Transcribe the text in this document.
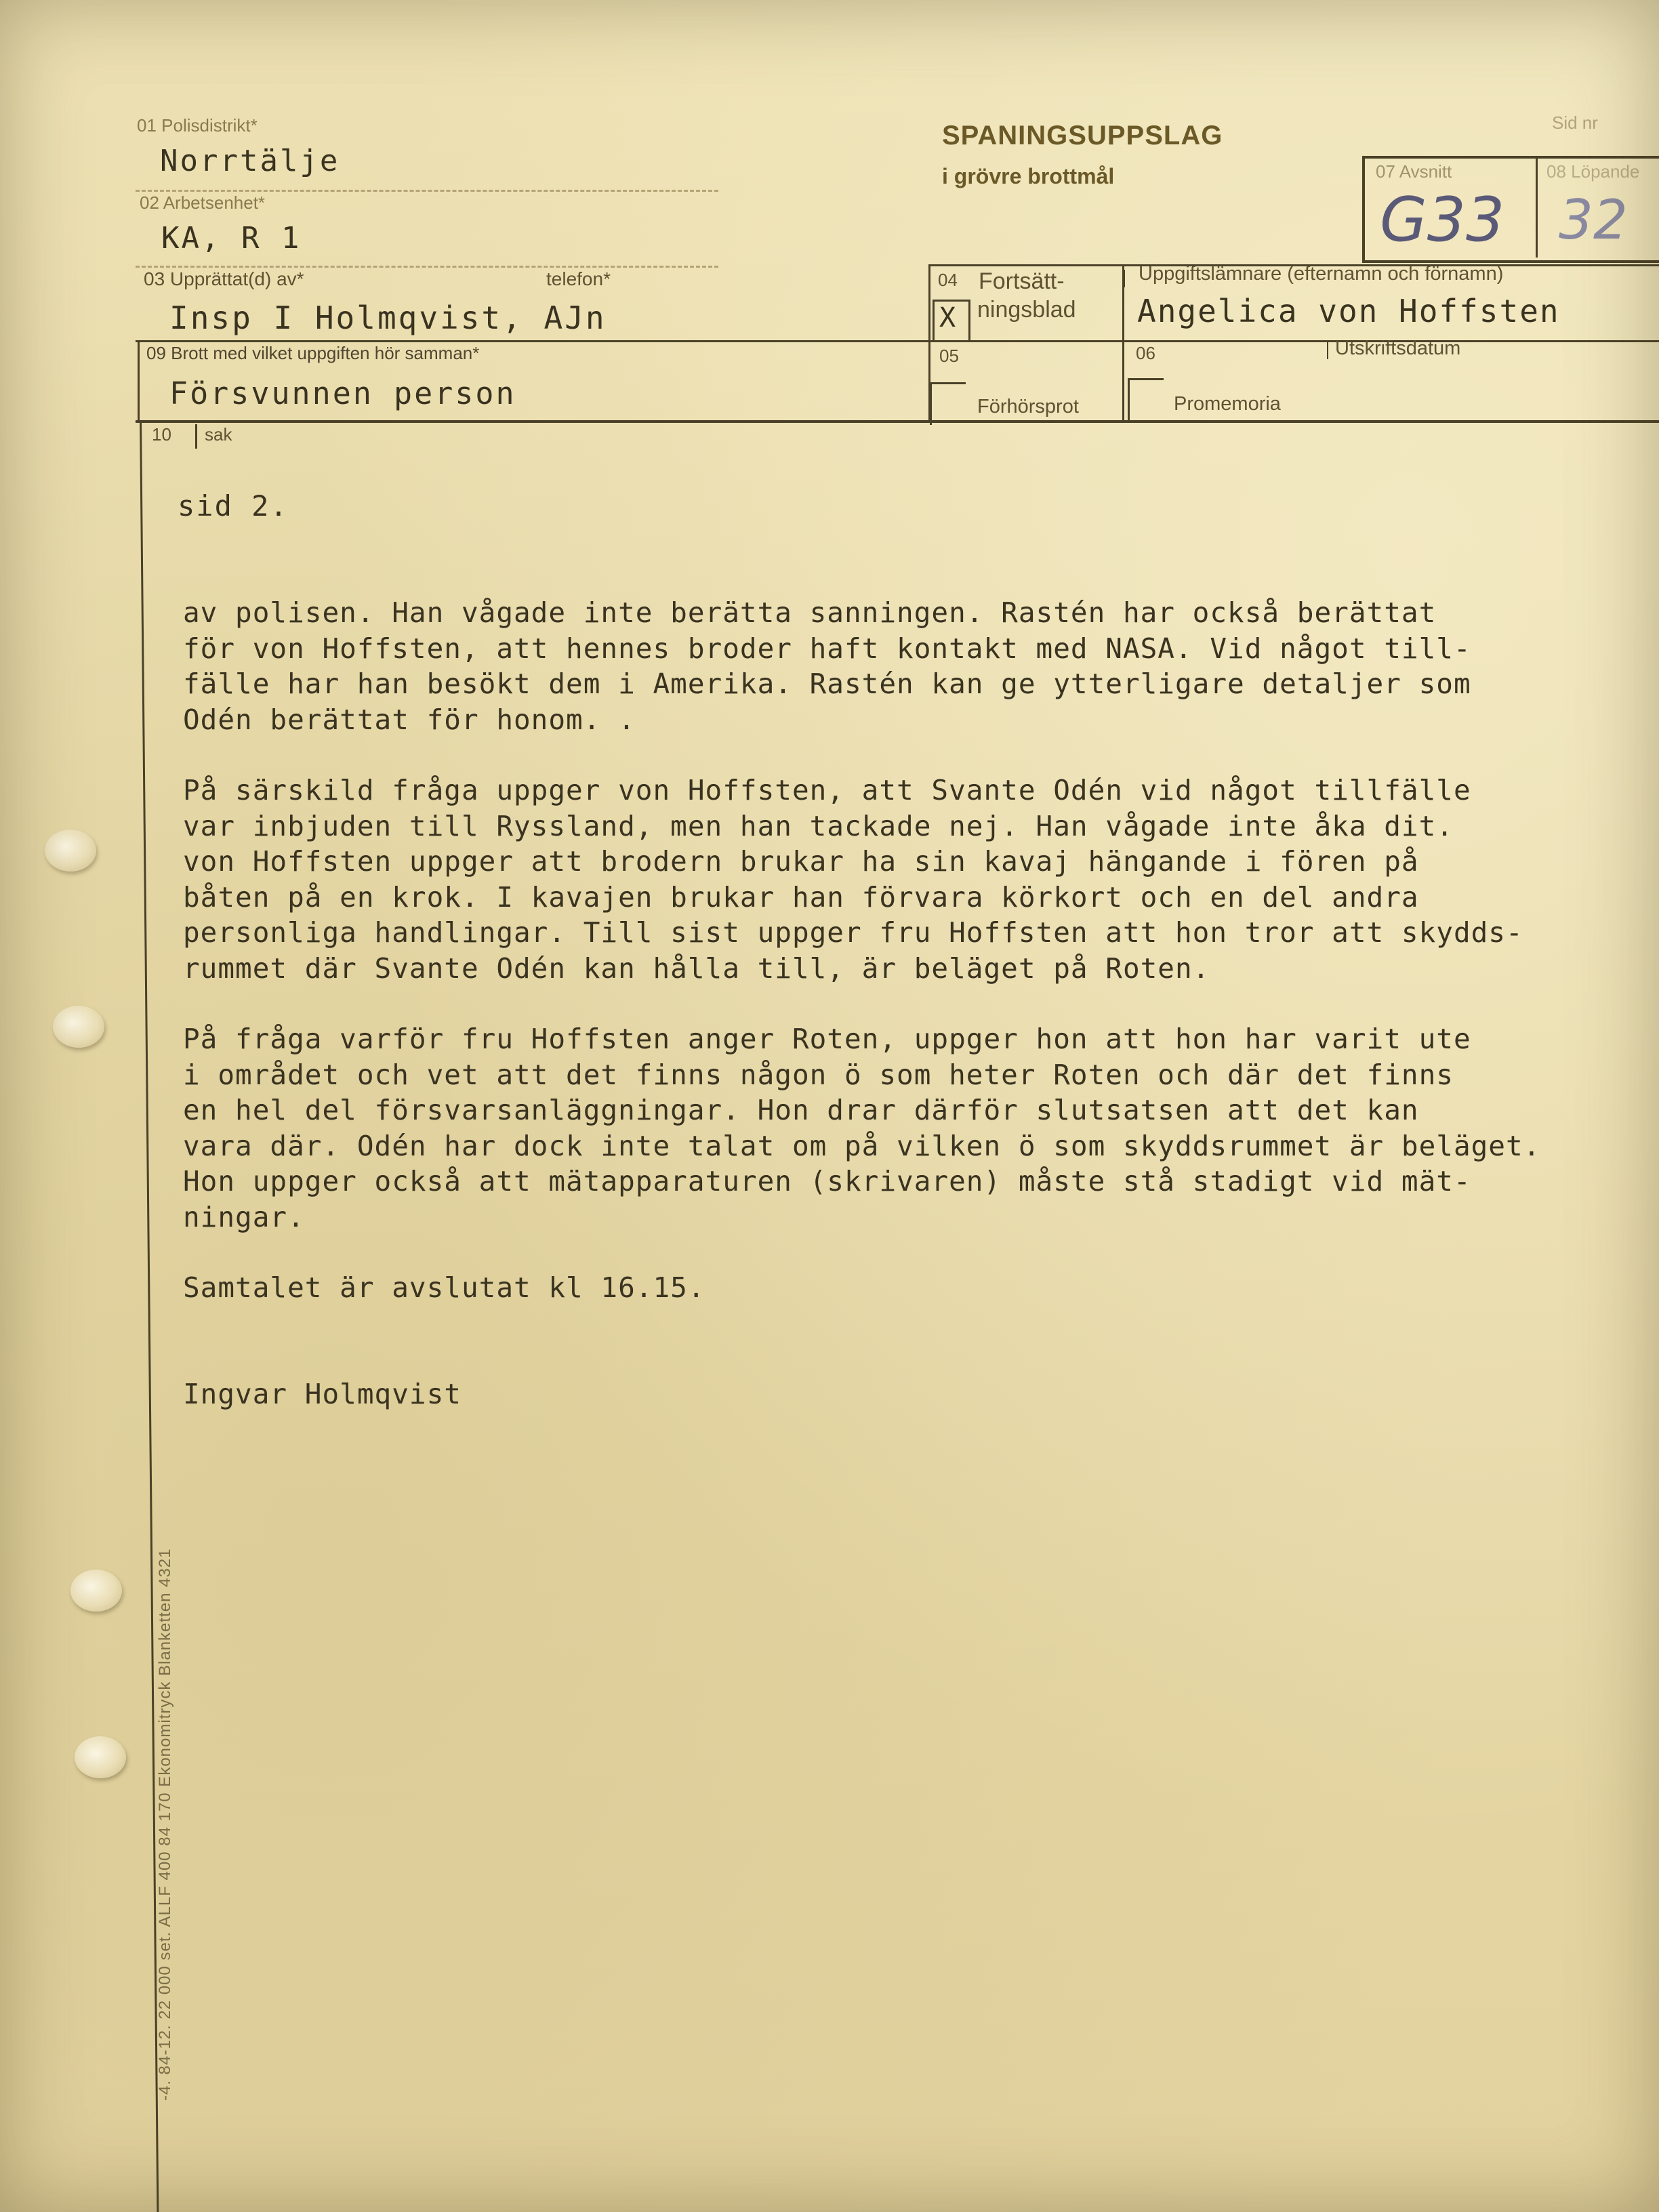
01 Polisdistrikt*
Norrtälje
02 Arbetsenhet*
KA, R 1
03 Upprättat(d) av*	telefon*
Insp I Holmqvist, AJn
SPANINGSUPPSLAG
i grövre brottmål
Sid nr
07 Avsnitt	08 Löpande
G33 32
04 Fortsätt-
ningsblad
X
Uppgiftslämnare (efternamn och förnamn)
Angelica von Hoffsten
09 Brott med vilket uppgiften hör samman*
Försvunnen person
05
Förhörsprot
06	Utskriftsdatum
Promemoria
10 sak
sid 2.

av polisen. Han vågade inte berätta sanningen. Rastén har också berättat
för von Hoffsten, att hennes broder haft kontakt med NASA. Vid något till-
fälle har han besökt dem i Amerika. Rastén kan ge ytterligare detaljer som
Odén berättat för honom. .

På särskild fråga uppger von Hoffsten, att Svante Odén vid något tillfälle
var inbjuden till Ryssland, men han tackade nej. Han vågade inte åka dit.
von Hoffsten uppger att brodern brukar ha sin kavaj hängande i fören på
båten på en krok. I kavajen brukar han förvara körkort och en del andra
personliga handlingar. Till sist uppger fru Hoffsten att hon tror att skydds-
rummet där Svante Odén kan hålla till, är beläget på Roten.

På fråga varför fru Hoffsten anger Roten, uppger hon att hon har varit ute
i området och vet att det finns någon ö som heter Roten och där det finns
en hel del försvarsanläggningar. Hon drar därför slutsatsen att det kan
vara där. Odén har dock inte talat om på vilken ö som skyddsrummet är beläget.
Hon uppger också att mätapparaturen (skrivaren) måste stå stadigt vid mät-
ningar.

Samtalet är avslutat kl 16.15.

Ingvar Holmqvist

-4. 84-12. 22 000 set. ALLF 400 84 170 Ekonomitryck Blanketten 4321
